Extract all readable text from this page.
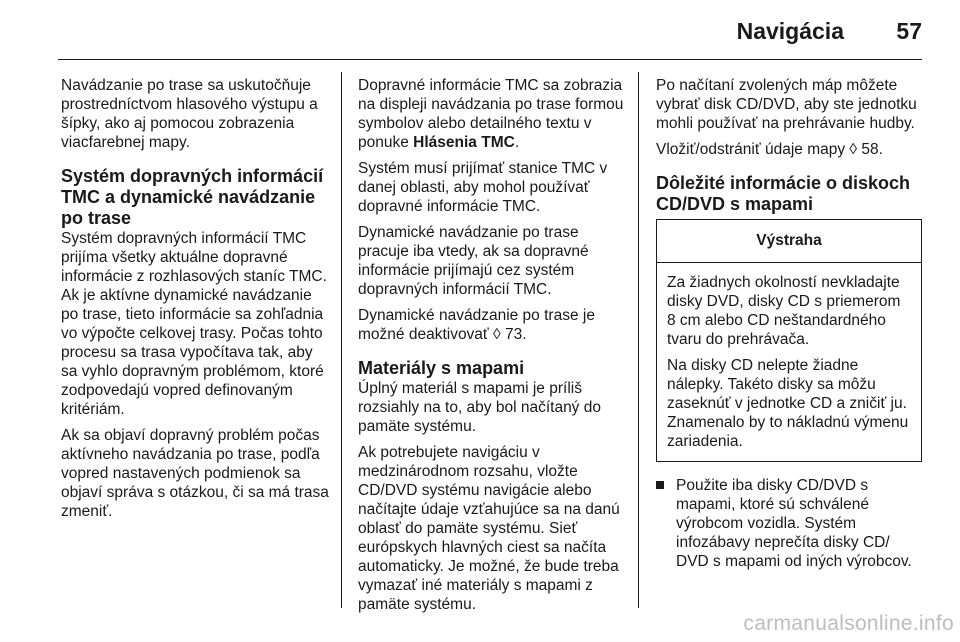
Navigácia 57

Navádzanie po trase sa uskutočňuje prostredníctvom hlasového výstupu a šípky, ako aj pomocou zobrazenia viacfarebnej mapy.

Systém dopravných informácií TMC a dynamické navádzanie po trase

Systém dopravných informácií TMC prijíma všetky aktuálne dopravné informácie z rozhlasových staníc TMC. Ak je aktívne dynamické navádzanie po trase, tieto informácie sa zohľadnia vo výpočte celkovej trasy. Počas tohto procesu sa trasa vypočítava tak, aby sa vyhlo dopravným problémom, ktoré zodpovedajú vopred definovaným kritériám.

Ak sa objaví dopravný problém počas aktívneho navádzania po trase, podľa vopred nastavených podmienok sa objaví správa s otázkou, či sa má trasa zmeniť.

Dopravné informácie TMC sa zobrazia na displeji navádzania po trase formou symbolov alebo detailného textu v ponuke Hlásenia TMC.

Systém musí prijímať stanice TMC v danej oblasti, aby mohol používať dopravné informácie TMC.

Dynamické navádzanie po trase pracuje iba vtedy, ak sa dopravné informácie prijímajú cez systém dopravných informácií TMC.

Dynamické navádzanie po trase je možné deaktivovať ◊ 73.

Materiály s mapami

Úplný materiál s mapami je príliš rozsiahly na to, aby bol načítaný do pamäte systému.

Ak potrebujete navigáciu v medzinárodnom rozsahu, vložte CD/DVD systému navigácie alebo načítajte údaje vzťahujúce sa na danú oblasť do pamäte systému. Sieť európskych hlavných ciest sa načíta automaticky. Je možné, že bude treba vymazať iné materiály s mapami z pamäte systému.

Po načítaní zvolených máp môžete vybrať disk CD/DVD, aby ste jednotku mohli používať na prehrávanie hudby.

Vložiť/odstrániť údaje mapy ◊ 58.

Dôležité informácie o diskoch CD/DVD s mapami
Výstraha

Za žiadnych okolností nevkladajte disky DVD, disky CD s priemerom 8 cm alebo CD neštandardného tvaru do prehrávača.

Na disky CD nelepte žiadne nálepky. Takéto disky sa môžu zaseknúť v jednotke CD a zničiť ju. Znamenalo by to nákladnú výmenu zariadenia.

Použite iba disky CD/DVD s mapami, ktoré sú schválené výrobcom vozidla. Systém infozábavy neprečíta disky CD/ DVD s mapami od iných výrobcov.
carmanualsonline.info
